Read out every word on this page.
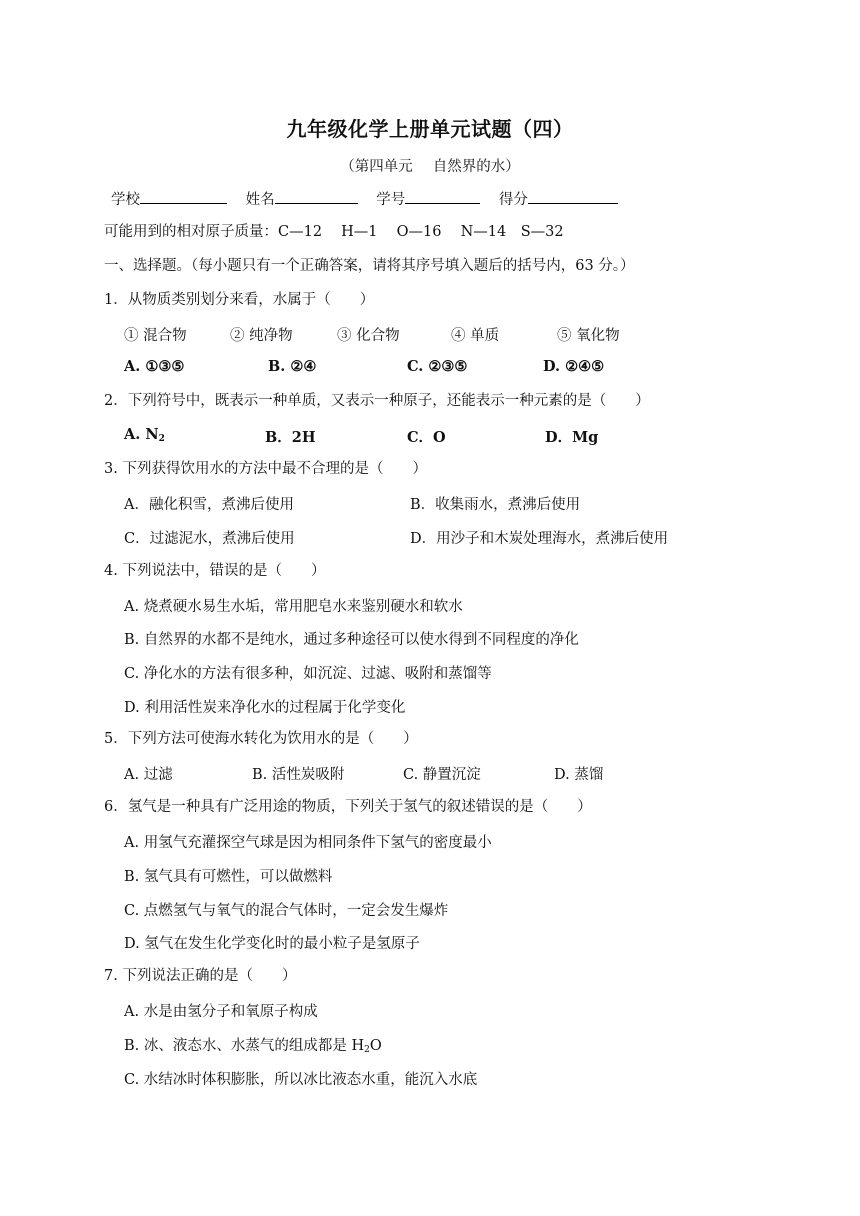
九年级化学上册单元试题（四）
（第四单元 自然界的水）
学校	姓名	学号	得分
可能用到的相对原子质量：C—12　 H—1　 O—16　 N—14　S—32
一、选择题。（每小题只有一个正确答案，请将其序号填入题后的括号内，63 分。）
1．从物质类别划分来看，水属于（　　）
① 混合物	② 纯净物	③ 化合物	④ 单质	⑤ 氧化物
A. ①③⑤	B. ②④	C. ②③⑤	D. ②④⑤
2．下列符号中，既表示一种单质，又表示一种原子，还能表示一种元素的是（　　）
A. $N_2$	B．2H	C．O	D．Mg
3. 下列获得饮用水的方法中最不合理的是（　　）
A．融化积雪，煮沸后使用	B．收集雨水，煮沸后使用
C．过滤泥水，煮沸后使用	D．用沙子和木炭处理海水，煮沸后使用
4. 下列说法中，错误的是（　　）
A. 烧煮硬水易生水垢，常用肥皂水来鉴别硬水和软水
B. 自然界的水都不是纯水，通过多种途径可以使水得到不同程度的净化
C. 净化水的方法有很多种，如沉淀、过滤、吸附和蒸馏等
D. 利用活性炭来净化水的过程属于化学变化
5．下列方法可使海水转化为饮用水的是（　　）
A. 过滤	B. 活性炭吸附	C. 静置沉淀	D. 蒸馏
6．氢气是一种具有广泛用途的物质，下列关于氢气的叙述错误的是（　　）
A. 用氢气充灌探空气球是因为相同条件下氢气的密度最小
B. 氢气具有可燃性，可以做燃料
C. 点燃氢气与氧气的混合气体时，一定会发生爆炸
D. 氢气在发生化学变化时的最小粒子是氢原子
7. 下列说法正确的是（　　）
A. 水是由氢分子和氧原子构成
B. 冰、液态水、水蒸气的组成都是 $H_2O$
C. 水结冰时体积膨胀，所以冰比液态水重，能沉入水底
